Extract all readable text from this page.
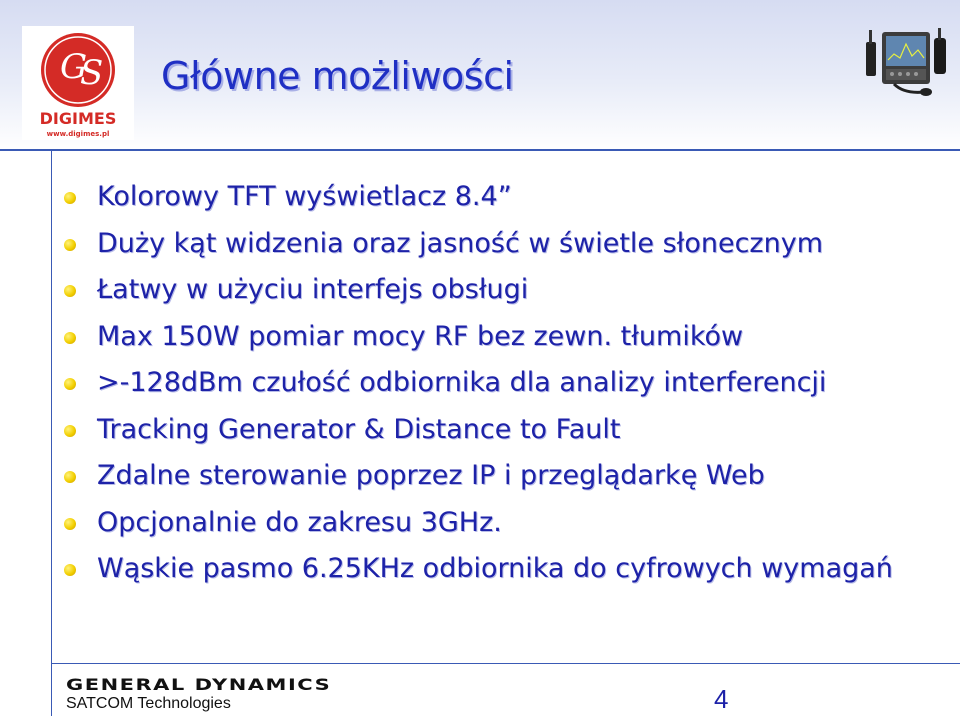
G
S
DIGIMES
www.digimes.pl
Główne możliwości
Kolorowy TFT wyświetlacz 8.4”
Duży kąt widzenia oraz jasność w świetle słonecznym
Łatwy w użyciu interfejs obsługi
Max 150W pomiar mocy RF bez zewn. tłumików
>-128dBm czułość odbiornika dla analizy interferencji
Tracking Generator & Distance to Fault
Zdalne sterowanie poprzez IP i przeglądarkę Web
Opcjonalnie do zakresu 3GHz.
Wąskie pasmo 6.25KHz odbiornika do cyfrowych wymagań
GENERAL DYNAMICS
SATCOM Technologies	4
